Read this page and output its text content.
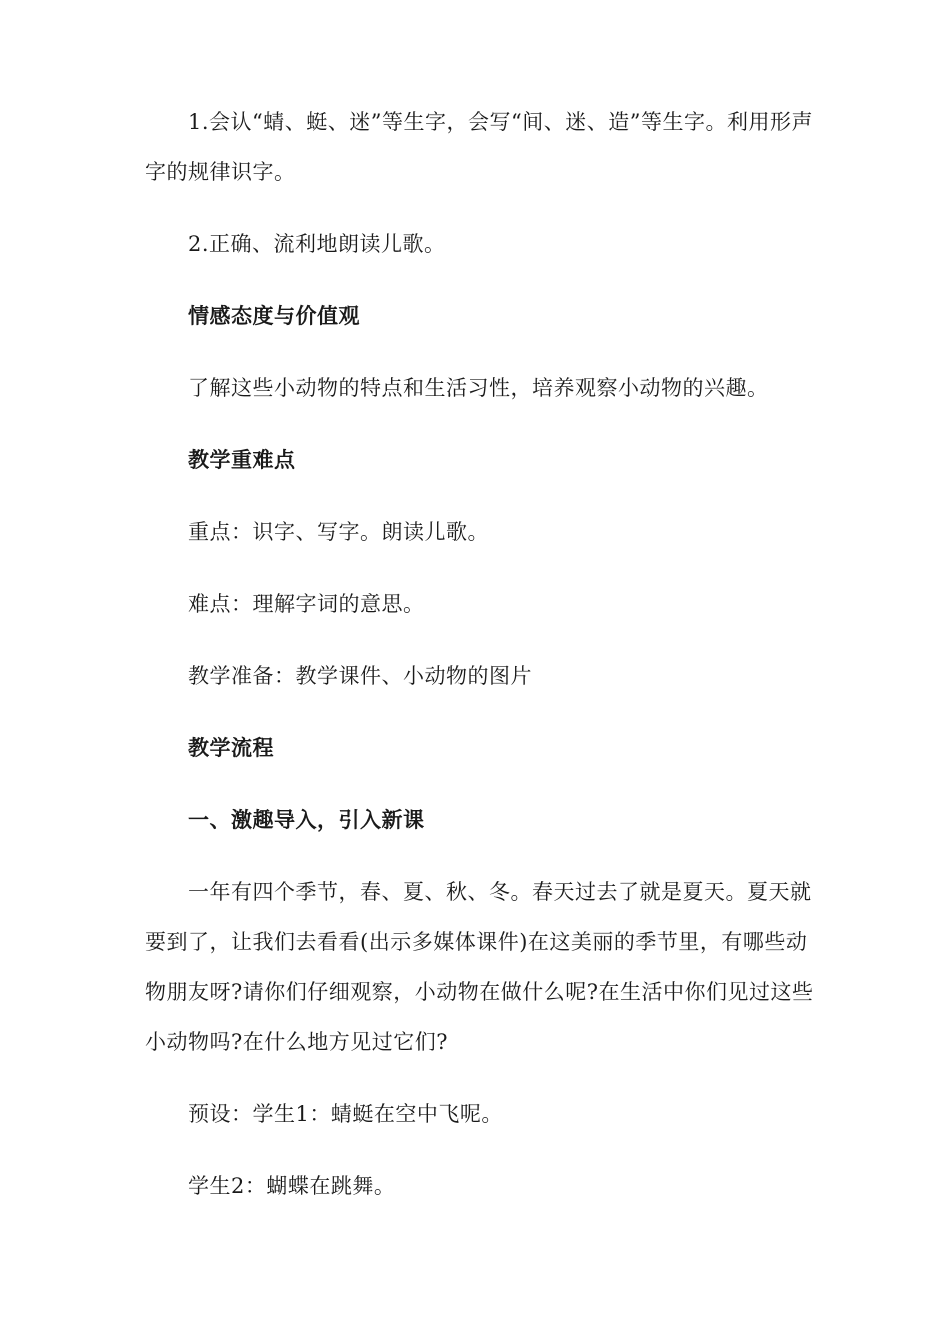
1.会认“蜻、蜓、迷”等生字，会写“间、迷、造”等生字。利用形声字的规律识字。

2.正确、流利地朗读儿歌。

情感态度与价值观

了解这些小动物的特点和生活习性，培养观察小动物的兴趣。

教学重难点

重点：识字、写字。朗读儿歌。

难点：理解字词的意思。

教学准备：教学课件、小动物的图片

教学流程

一、激趣导入，引入新课

一年有四个季节，春、夏、秋、冬。春天过去了就是夏天。夏天就要到了，让我们去看看(出示多媒体课件)在这美丽的季节里，有哪些动物朋友呀?请你们仔细观察，小动物在做什么呢?在生活中你们见过这些小动物吗?在什么地方见过它们?

预设：学生1：蜻蜓在空中飞呢。

学生2：蝴蝶在跳舞。
